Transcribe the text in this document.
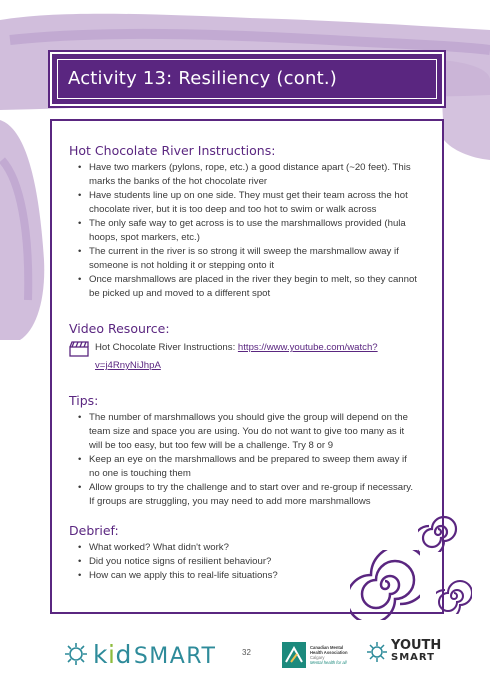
Activity 13: Resiliency (cont.)
Hot Chocolate River Instructions:
• Have two markers (pylons, rope, etc.) a good distance apart (~20 feet). This
marks the banks of the hot chocolate river
• Have students line up on one side. They must get their team across the hot
chocolate river, but it is too deep and too hot to swim or walk across
• The only safe way to get across is to use the marshmallows provided (hula
hoops, spot markers, etc.)
• The current in the river is so strong it will sweep the marshmallow away if
someone is not holding it or stepping onto it
• Once marshmallows are placed in the river they begin to melt, so they cannot
be picked up and moved to a different spot
Video Resource:
Hot Chocolate River Instructions: https://www.youtube.com/watch?
v=j4RnyNiJhpA
Tips:
• The number of marshmallows you should give the group will depend on the
team size and space you are using. You do not want to give too many as it
will be too easy, but too few will be a challenge. Try 8 or 9
• Keep an eye on the marshmallows and be prepared to sweep them away if
no one is touching them
• Allow groups to try the challenge and to start over and re-group if necessary.
If groups are struggling, you may need to add more marshmallows
Debrief:
• What worked? What didn't work?
• Did you notice signs of resilient behaviour?
• How can we apply this to real-life situations?
kidSMART	32
Canadian Mental
Health Association
Calgary
Mental health for all
YOUTH
SMART
